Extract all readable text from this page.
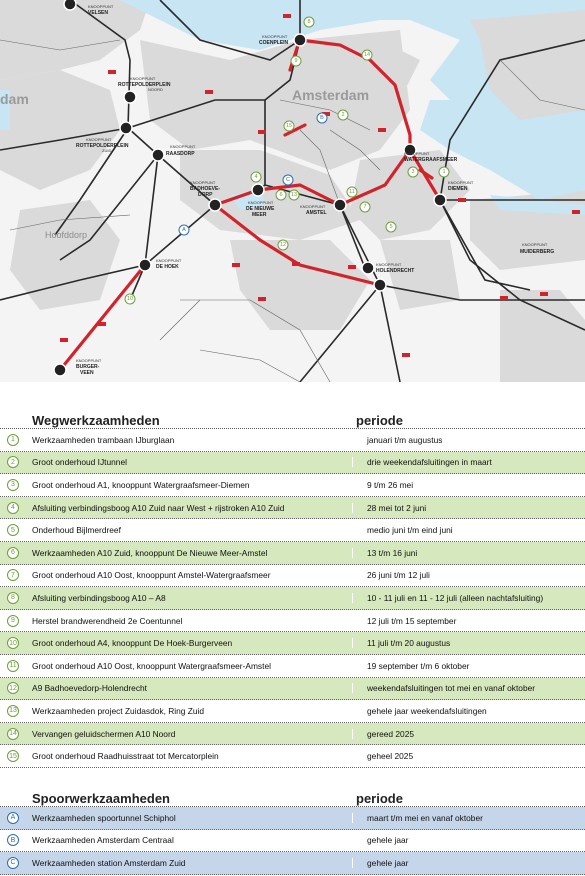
Amsterdam
Hoofddorp
dam
KNOOPPUNT
VELSEN
KNOOPPUNT
COENPLEIN
KNOOPPUNT
ROTTEPOLDERPLEIN
NOORD
KNOOPPUNT
ROTTEPOLDERPLEIN
ZUID
KNOOPPUNT
RAASDORP
KNOOPPUNT
BADHOEVE-
DORP
KNOOPPUNT
DE NIEUWE
MEER
KNOOPPUNT
AMSTEL
KNOOPPUNT
WATERGRAAFSMEER
KNOOPPUNT
DIEMEN
KNOOPPUNT
DE HOEK	KNOOPPUNT
HOLENDRECHT
KNOOPPUNT
MUIDERBERG
KNOOPPUNT
BURGER-
VEEN
1
2
3
4
5
6
7
8
9
10
11
12
13
14
15
A
B
C
Wegwerkzaamheden	periode
1	Werkzaamheden trambaan IJburglaan	januari t/m augustus
2	Groot onderhoud IJtunnel	drie weekendafsluitingen in maart
3	Groot onderhoud A1, knooppunt Watergraafsmeer-Diemen	9 t/m 26 mei
4	Afsluiting verbindingsboog A10 Zuid naar West + rijstroken A10 Zuid	28 mei tot 2 juni
5	Onderhoud Bijlmerdreef	medio juni t/m eind juni
6	Werkzaamheden A10 Zuid, knooppunt De Nieuwe Meer-Amstel	13 t/m 16 juni
7	Groot onderhoud A10 Oost, knooppunt Amstel-Watergraafsmeer	26 juni t/m 12 juli
8	Afsluiting verbindingsboog A10 – A8	10 - 11 juli en 11 - 12 juli (alleen nachtafsluiting)
9	Herstel brandwerendheid 2e Coentunnel	12 juli t/m 15 september
10	Groot onderhoud A4, knooppunt De Hoek-Burgerveen	11 juli t/m 20 augustus
11	Groot onderhoud A10 Oost, knooppunt Watergraafsmeer-Amstel	19 september t/m 6 oktober
12	A9 Badhoevedorp-Holendrecht	weekendafsluitingen tot mei en vanaf oktober
13	Werkzaamheden project Zuidasdok, Ring Zuid	gehele jaar weekendafsluitingen
14	Vervangen geluidschermen A10 Noord	gereed 2025
15	Groot onderhoud Raadhuisstraat tot Mercatorplein	geheel 2025
Spoorwerkzaamheden	periode
A	Werkzaamheden spoortunnel Schiphol	maart t/m mei en vanaf oktober
B	Werkzaamheden Amsterdam Centraal	gehele jaar
C	Werkzaamheden station Amsterdam Zuid	gehele jaar
